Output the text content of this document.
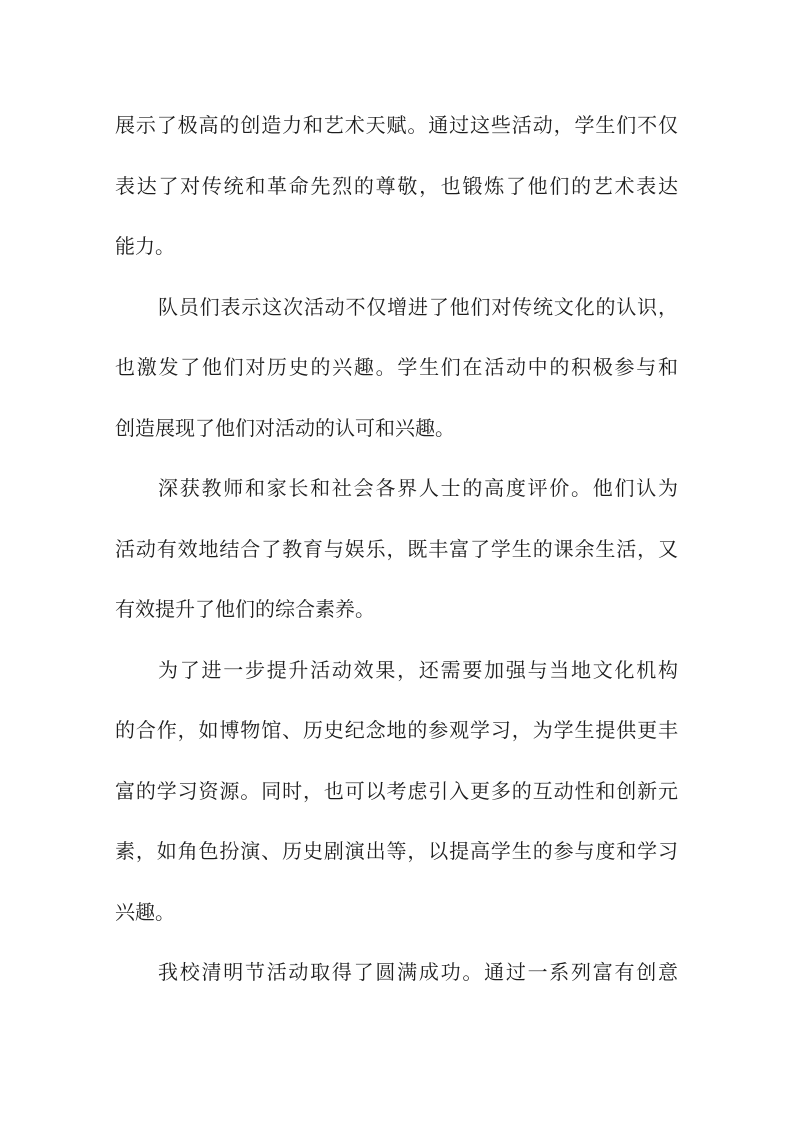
展示了极高的创造力和艺术天赋。通过这些活动，学生们不仅
表达了对传统和革命先烈的尊敬，也锻炼了他们的艺术表达
能力。
队员们表示这次活动不仅增进了他们对传统文化的认识，
也激发了他们对历史的兴趣。学生们在活动中的积极参与和
创造展现了他们对活动的认可和兴趣。
深获教师和家长和社会各界人士的高度评价。他们认为
活动有效地结合了教育与娱乐，既丰富了学生的课余生活，又
有效提升了他们的综合素养。
为了进一步提升活动效果，还需要加强与当地文化机构
的合作，如博物馆、历史纪念地的参观学习，为学生提供更丰
富的学习资源。同时，也可以考虑引入更多的互动性和创新元
素，如角色扮演、历史剧演出等，以提高学生的参与度和学习
兴趣。
我校清明节活动取得了圆满成功。通过一系列富有创意
